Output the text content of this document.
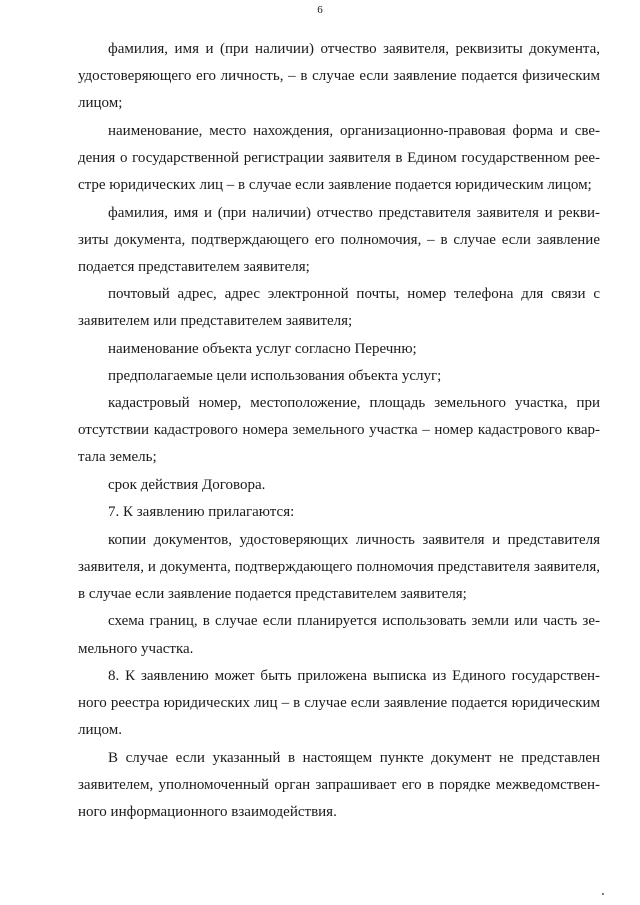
6
фамилия, имя и (при наличии) отчество заявителя, реквизиты документа,
удостоверяющего его личность, – в случае если заявление подается физическим
лицом;
наименование, место нахождения, организационно-правовая форма и све-
дения о государственной регистрации заявителя в Едином государственном рее-
стре юридических лиц – в случае если заявление подается юридическим лицом;
фамилия, имя и (при наличии) отчество представителя заявителя и рекви-
зиты документа, подтверждающего его полномочия, – в случае если заявление
подается представителем заявителя;
почтовый адрес, адрес электронной почты, номер телефона для связи с
заявителем или представителем заявителя;
наименование объекта услуг согласно Перечню;
предполагаемые цели использования объекта услуг;
кадастровый номер, местоположение, площадь земельного участка, при
отсутствии кадастрового номера земельного участка – номер кадастрового квар-
тала земель;
срок действия Договора.
7. К заявлению прилагаются:
копии документов, удостоверяющих личность заявителя и представителя
заявителя, и документа, подтверждающего полномочия представителя заявителя,
в случае если заявление подается представителем заявителя;
схема границ, в случае если планируется использовать земли или часть зе-
мельного участка.
8. К заявлению может быть приложена выписка из Единого государствен-
ного реестра юридических лиц – в случае если заявление подается юридическим
лицом.
В случае если указанный в настоящем пункте документ не представлен
заявителем, уполномоченный орган запрашивает его в порядке межведомствен-
ного информационного взаимодействия.
